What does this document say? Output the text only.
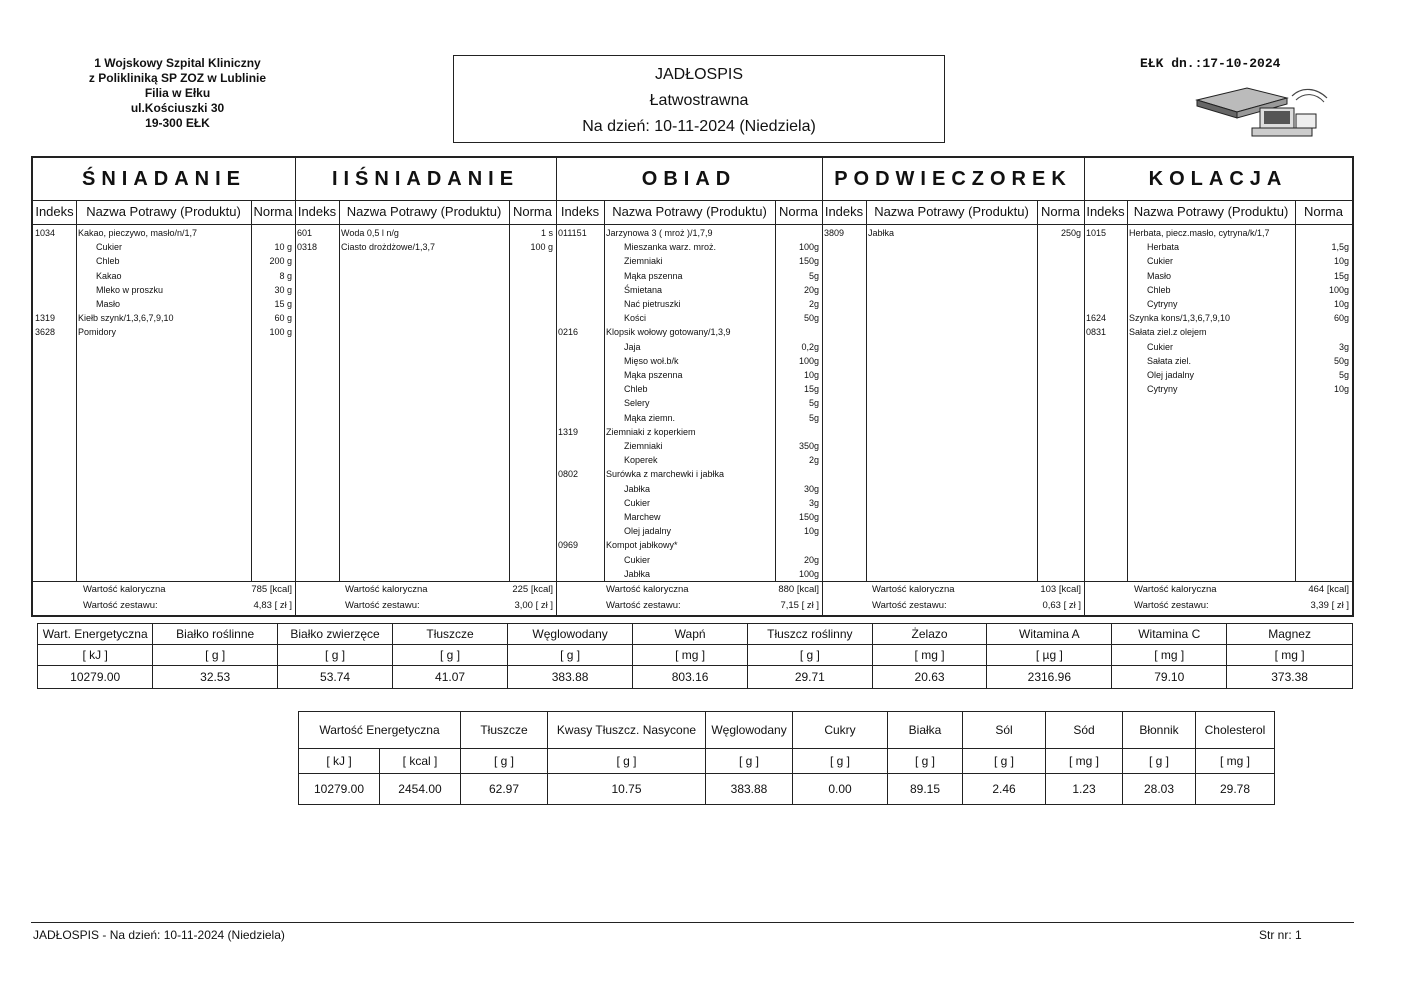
1 Wojskowy Szpital Kliniczny
z Polikliniką SP ZOZ w Lublinie
Filia w Ełku
ul.Kościuszki 30
19-300 EŁK
JADŁOSPIS
Łatwostrawna
Na dzień: 10-11-2024 (Niedziela)
EŁK dn.:17-10-2024
ŚNIADANIE
Indeks Nazwa Potrawy (Produktu) Norma
1034	Kakao, pieczywo, masło/n/1,7
Cukier	10 g
Chleb	200 g
Kakao	8 g
Mleko w proszku	30 g
Masło	15 g
1319	Kiełb szynk/1,3,6,7,9,10	60 g
3628	Pomidory	100 g
Wartość kaloryczna	785 [kcal]
Wartość zestawu:	4,83 [ zł ]
IIŚNIADANIE
Indeks Nazwa Potrawy (Produktu) Norma
601	Woda 0,5 l n/g	1 s
0318	Ciasto drożdżowe/1,3,7	100 g
Wartość kaloryczna	225 [kcal]
Wartość zestawu:	3,00 [ zł ]
OBIAD
Indeks	Nazwa Potrawy (Produktu) Norma
011151 Jarzynowa 3 ( mroż )/1,7,9
Mieszanka warz. mroż.	100g
Ziemniaki	150g
Mąka pszenna	5g
Śmietana	20g
Nać pietruszki	2g
Kości	50g
0216	Klopsik wołowy gotowany/1,3,9
Jaja	0,2g
Mięso woł.b/k	100g
Mąka pszenna	10g
Chleb	15g
Selery	5g
Mąka ziemn.	5g
1319	Ziemniaki z koperkiem
Ziemniaki	350g
Koperek	2g
0802	Surówka z marchewki i jabłka
Jabłka	30g
Cukier	3g
Marchew	150g
Olej jadalny	10g
0969	Kompot jabłkowy*
Cukier	20g
Jabłka	100g
Wartość kaloryczna	880 [kcal]
Wartość zestawu:	7,15 [ zł ]
PODWIECZOREK
Indeks Nazwa Potrawy (Produktu) Norma
3809	Jabłka	250g
Wartość kaloryczna	103 [kcal]
Wartość zestawu:	0,63 [ zł ]
KOLACJA
Indeks Nazwa Potrawy (Produktu)	Norma
1015	Herbata, piecz.masło, cytryna/k/1,7
Herbata	1,5g
Cukier	10g
Masło	15g
Chleb	100g
Cytryny	10g
1624	Szynka kons/1,3,6,7,9,10	60g
0831	Sałata ziel.z olejem
Cukier	3g
Sałata ziel.	50g
Olej jadalny	5g
Cytryny	10g
Wartość kaloryczna	464 [kcal]
Wartość zestawu:	3,39 [ zł ]
Wart. Energetyczna	Białko roślinne	Białko zwierzęce	Tłuszcze	Węglowodany	Wapń	Tłuszcz roślinny	Żelazo	Witamina A	Witamina C	Magnez
[ kJ ]	[ g ]	[ g ]	[ g ]	[ g ]	[ mg ]	[ g ]	[ mg ]	[ µg ]	[ mg ]	[ mg ]
10279.00	32.53	53.74	41.07	383.88	803.16	29.71	20.63	2316.96	79.10	373.38
Wartość Energetyczna		Tłuszcze	Kwasy Tłuszcz. Nasycone	Węglowodany	Cukry	Białka	Sól	Sód	Błonnik	Cholesterol
[ kJ ]	[ kcal ]	[ g ]	[ g ]	[ g ]	[ g ]	[ g ]	[ g ]	[ mg ]	[ g ]	[ mg ]
10279.00	2454.00	62.97	10.75	383.88	0.00	89.15	2.46	1.23	28.03	29.78
JADŁOSPIS - Na dzień: 10-11-2024 (Niedziela)	Str nr: 1
